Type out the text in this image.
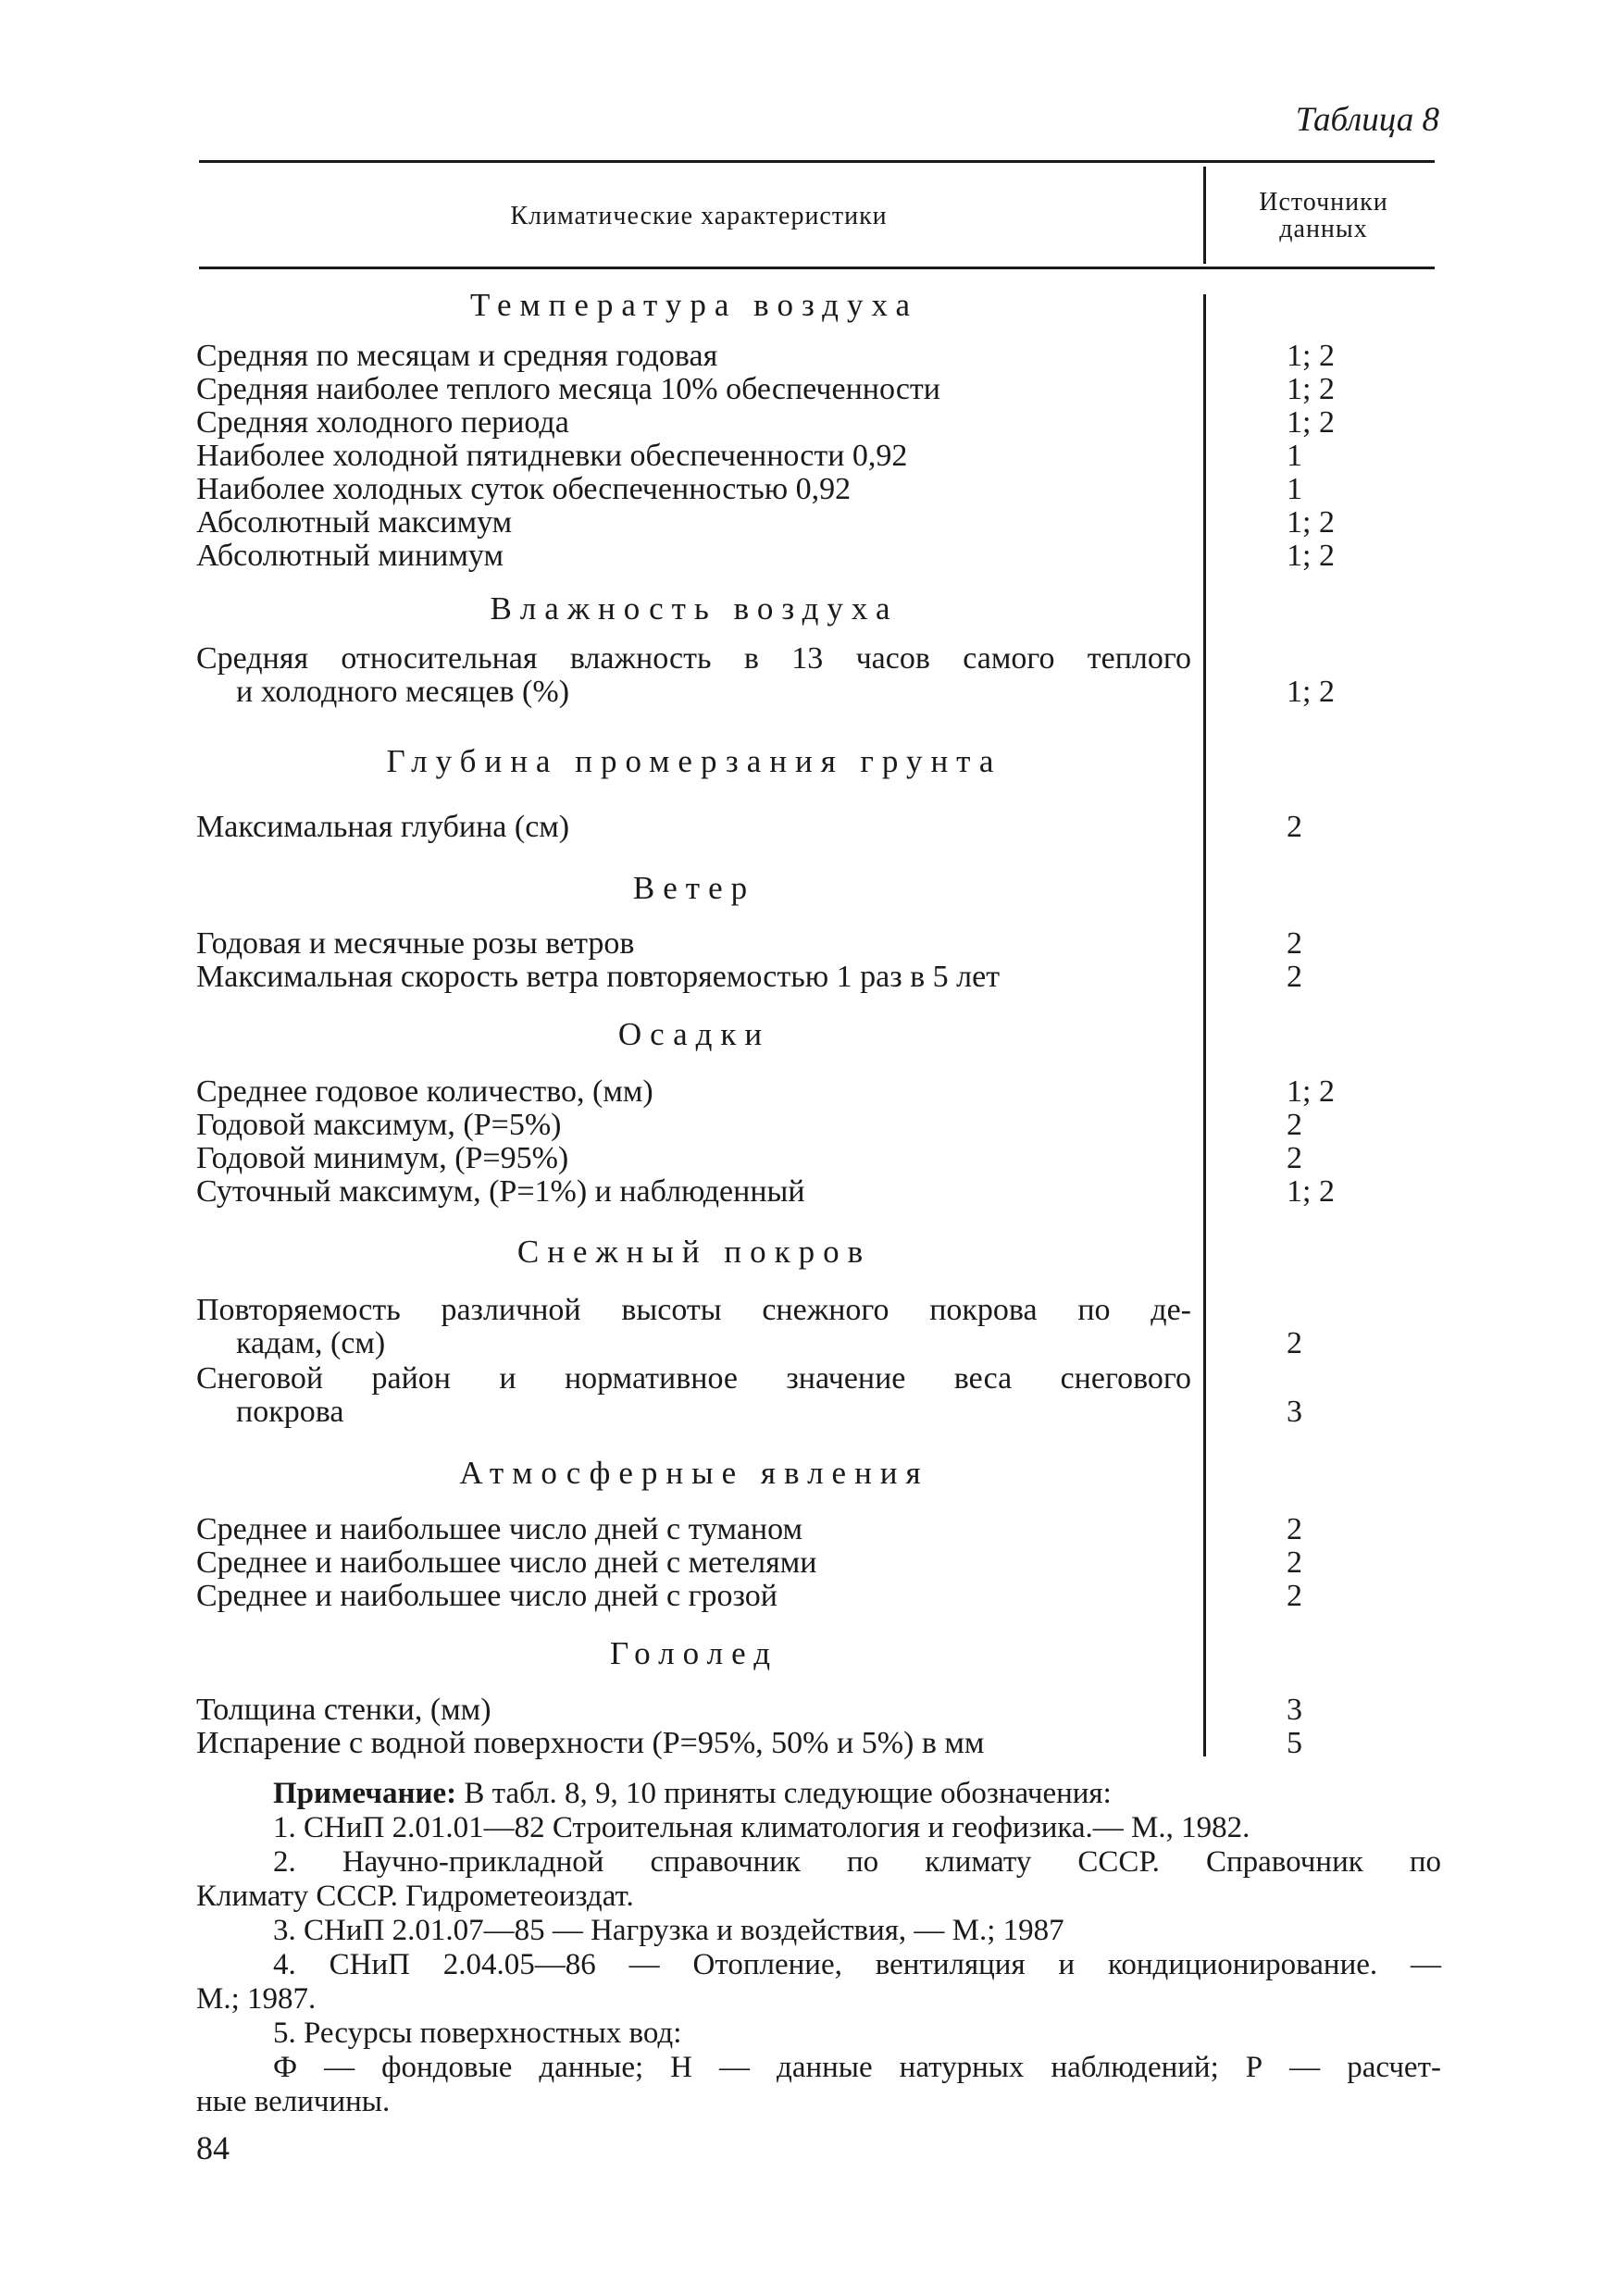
Таблица 8
Климатические характеристики	Источники
данных
Температура воздуха
Средняя по месяцам и средняя годовая	1; 2
Средняя наиболее теплого месяца 10% обеспеченности	1; 2
Средняя холодного периода	1; 2
Наиболее холодной пятидневки обеспеченности 0,92	1
Наиболее холодных суток обеспеченностью 0,92	1
Абсолютный максимум	1; 2
Абсолютный минимум	1; 2
Влажность воздуха
Средняя относительная влажность в 13 часов самого теплого
и холодного месяцев (%)	1; 2
Глубина промерзания грунта
Максимальная глубина (см)	2
Ветер
Годовая и месячные розы ветров	2
Максимальная скорость ветра повторяемостью 1 раз в 5 лет	2
Осадки
Среднее годовое количество, (мм)	1; 2
Годовой максимум, (Р=5%)	2
Годовой минимум, (Р=95%)	2
Суточный максимум, (Р=1%) и наблюденный	1; 2
Снежный покров
Повторяемость различной высоты снежного покрова по де-
кадам, (см)	2
Снеговой район и нормативное значение веса снегового
покрова	3
Атмосферные явления
Среднее и наибольшее число дней с туманом	2
Среднее и наибольшее число дней с метелями	2
Среднее и наибольшее число дней с грозой	2
Гололед
Толщина стенки, (мм)	3
Испарение с водной поверхности (Р=95%, 50% и 5%) в мм	5
Примечание: В табл. 8, 9, 10 приняты следующие обозначения:
1. СНиП 2.01.01—82 Строительная климатология и геофизика.— М., 1982.
2. Научно-прикладной справочник по климату СССР. Справочник по
Климату СССР. Гидрометеоиздат.
3. СНиП 2.01.07—85 — Нагрузка и воздействия, — М.; 1987
4. СНиП 2.04.05—86 — Отопление, вентиляция и кондиционирование. —
М.; 1987.
5. Ресурсы поверхностных вод:
Ф — фондовые данные; Н — данные натурных наблюдений; Р — расчет-
ные величины.
84
